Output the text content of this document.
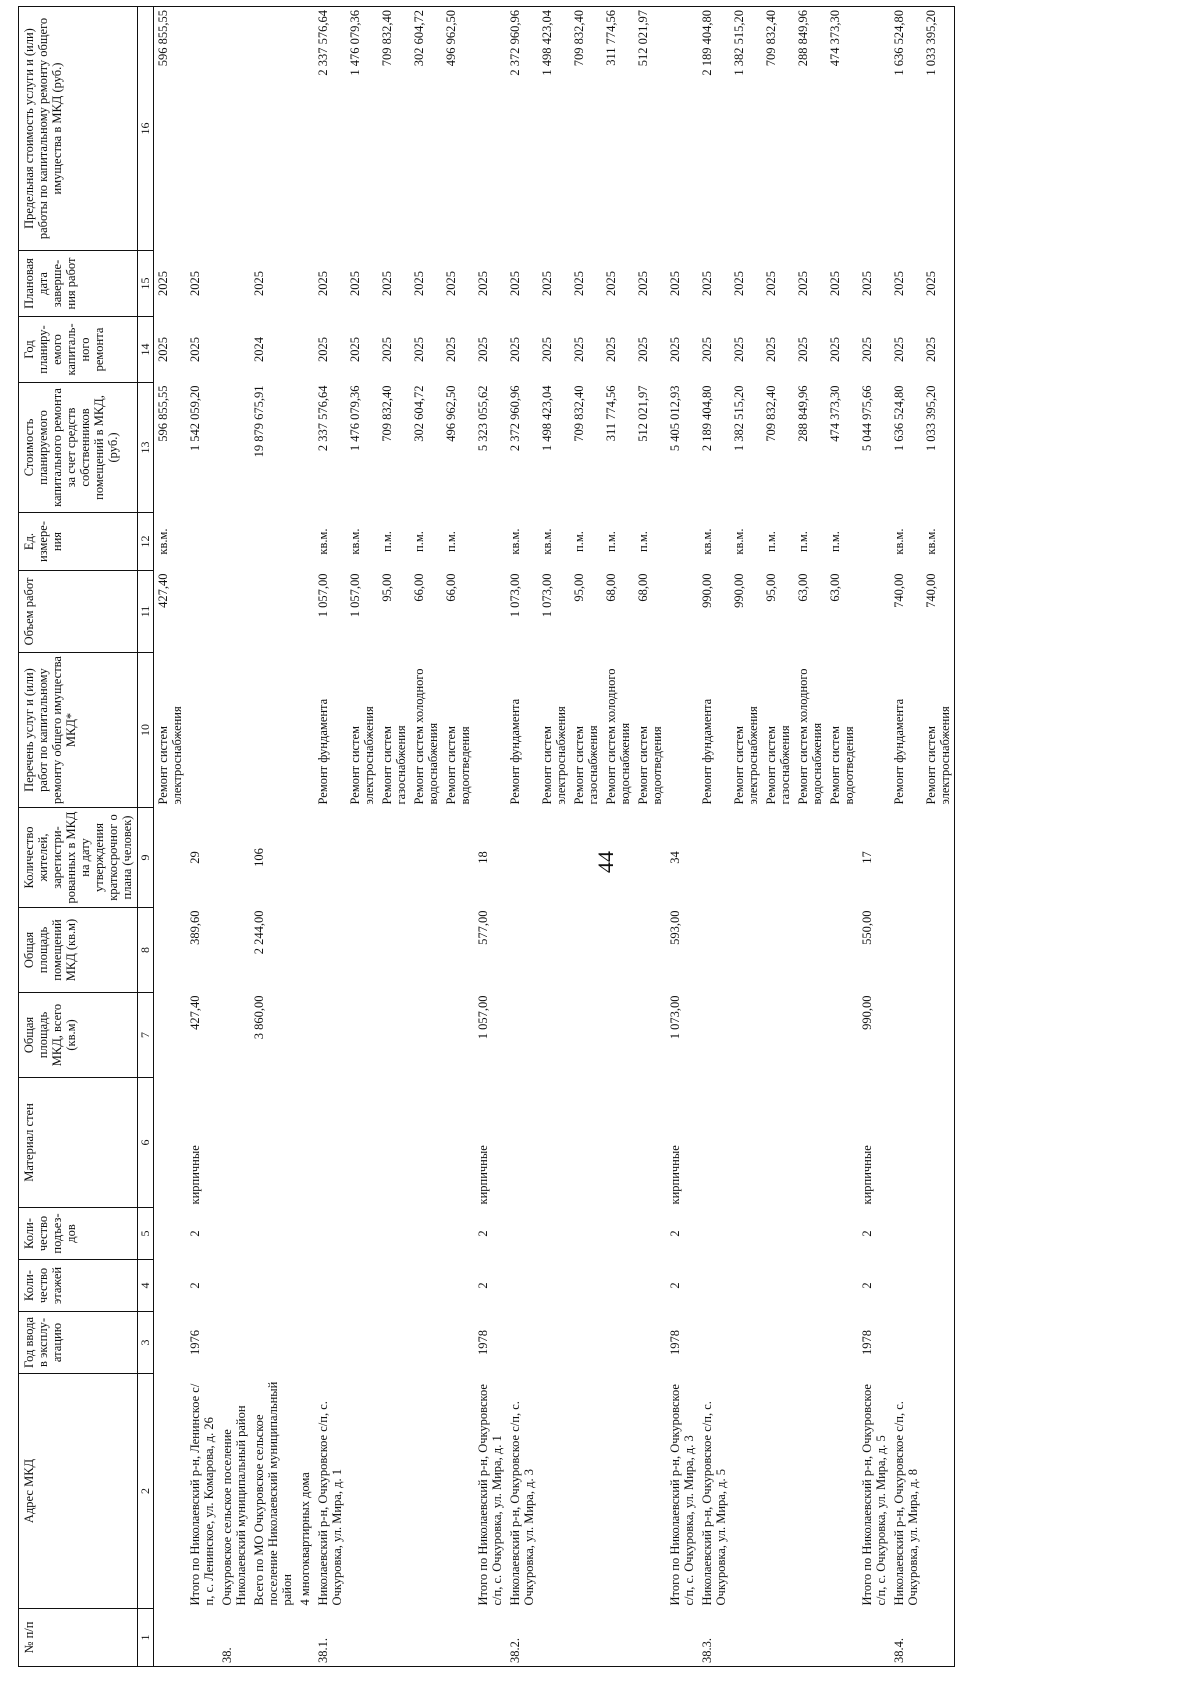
44
№ п/п	Адрес МКД	Год ввода в эксплу-атацию	Коли-чество этажей	Коли-чество подъез-дов	Материал стен	Общая площадь МКД, всего (кв.м)	Общая площадь помещений МКД (кв.м)	Количество жителей, зарегистри-рованных в МКД на дату утверждения краткосрочног о плана (человек)	Перечень услуг и (или) работ по капитальному ремонту общего имущества МКД*	Объем работ	Ед. измере-ния	Стоимость планируемого капитального ремонта за счет средств собственников помещений в МКД, (руб.)	Год планиру-емого капиталь-ного ремонта	Плановая дата заверше-ния работ	Предельная стоимость услуги и (или) работы по капитальному ремонту общего имущества в МКД (руб.)
1	2	3	4	5	6	7	8	9	10	11	12	13	14	15	16
									Ремонт систем электроснабжения	427,40	кв.м.	596 855,55	2025	2025	596 855,55
	Итого по Николаевский р-н, Ленинское с/п, с. Ленинское, ул. Комарова, д. 26	1976	2	2	кирпичные	427,40	389,60	29				1 542 059,20	2025	2025	
38.	Очкуровское сельское поселение Николаевский муниципальный район														
	Всего по МО Очкуровское сельское поселение Николаевский муниципальный район					3 860,00	2 244,00	106				19 879 675,91	2024	2025	
	4 многоквартирных дома														
38.1.	Николаевский р-н, Очкуровское с/п, с. Очкуровка, ул. Мира, д. 1								Ремонт фундамента	1 057,00	кв.м.	2 337 576,64	2025	2025	2 337 576,64
									Ремонт систем электроснабжения	1 057,00	кв.м.	1 476 079,36	2025	2025	1 476 079,36
									Ремонт систем газоснабжения	95,00	п.м.	709 832,40	2025	2025	709 832,40
									Ремонт систем холодного водоснабжения	66,00	п.м.	302 604,72	2025	2025	302 604,72
									Ремонт систем водоотведения	66,00	п.м.	496 962,50	2025	2025	496 962,50
	Итого по Николаевский р-н, Очкуровское с/п, с. Очкуровка, ул. Мира, д. 1	1978	2	2	кирпичные	1 057,00	577,00	18				5 323 055,62	2025	2025	
38.2.	Николаевский р-н, Очкуровское с/п, с. Очкуровка, ул. Мира, д. 3								Ремонт фундамента	1 073,00	кв.м.	2 372 960,96	2025	2025	2 372 960,96
									Ремонт систем электроснабжения	1 073,00	кв.м.	1 498 423,04	2025	2025	1 498 423,04
									Ремонт систем газоснабжения	95,00	п.м.	709 832,40	2025	2025	709 832,40
									Ремонт систем холодного водоснабжения	68,00	п.м.	311 774,56	2025	2025	311 774,56
									Ремонт систем водоотведения	68,00	п.м.	512 021,97	2025	2025	512 021,97
	Итого по Николаевский р-н, Очкуровское с/п, с. Очкуровка, ул. Мира, д. 3	1978	2	2	кирпичные	1 073,00	593,00	34				5 405 012,93	2025	2025	
38.3.	Николаевский р-н, Очкуровское с/п, с. Очкуровка, ул. Мира, д. 5								Ремонт фундамента	990,00	кв.м.	2 189 404,80	2025	2025	2 189 404,80
									Ремонт систем электроснабжения	990,00	кв.м.	1 382 515,20	2025	2025	1 382 515,20
									Ремонт систем газоснабжения	95,00	п.м.	709 832,40	2025	2025	709 832,40
									Ремонт систем холодного водоснабжения	63,00	п.м.	288 849,96	2025	2025	288 849,96
									Ремонт систем водоотведения	63,00	п.м.	474 373,30	2025	2025	474 373,30
	Итого по Николаевский р-н, Очкуровское с/п, с. Очкуровка, ул. Мира, д. 5	1978	2	2	кирпичные	990,00	550,00	17				5 044 975,66	2025	2025	
38.4.	Николаевский р-н, Очкуровское с/п, с. Очкуровка, ул. Мира, д. 8								Ремонт фундамента	740,00	кв.м.	1 636 524,80	2025	2025	1 636 524,80
									Ремонт систем электроснабжения	740,00	кв.м.	1 033 395,20	2025	2025	1 033 395,20
